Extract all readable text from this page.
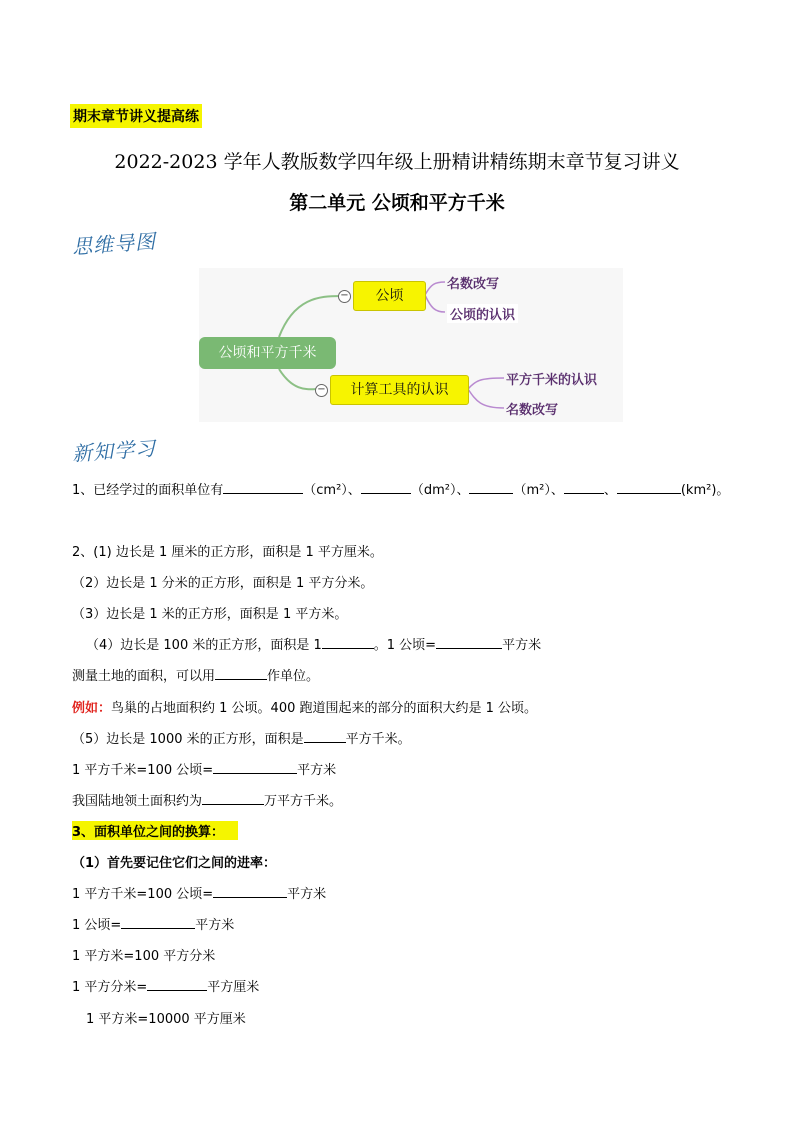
期末章节讲义提高练
2022-2023 学年人教版数学四年级上册精讲精练期末章节复习讲义
第二单元 公顷和平方千米
思维导图
公顷和平方千米
−	公顷
−	计算工具的认识
名数改写
公顷的认识
平方千米的认识
名数改写
新知学习
1、已经学过的面积单位有	（cm²）、	（dm²）、	（m²）、	、	(km²)。
2、(1) 边长是 1 厘米的正方形，面积是 1 平方厘米。
（2）边长是 1 分米的正方形，面积是 1 平方分米。
（3）边长是 1 米的正方形，面积是 1 平方米。
（4）边长是 100 米的正方形，面积是 1	。1 公顷=	平方米
测量土地的面积，可以用	作单位。
例如：鸟巢的占地面积约 1 公顷。400 跑道围起来的部分的面积大约是 1 公顷。
（5）边长是 1000 米的正方形，面积是	平方千米。
1 平方千米=100 公顷=	平方米
我国陆地领土面积约为	万平方千米。
3、面积单位之间的换算：
（1）首先要记住它们之间的进率：
1 平方千米=100 公顷=	平方米
1 公顷=	平方米
1 平方米=100 平方分米
1 平方分米=	平方厘米
1 平方米=10000 平方厘米
